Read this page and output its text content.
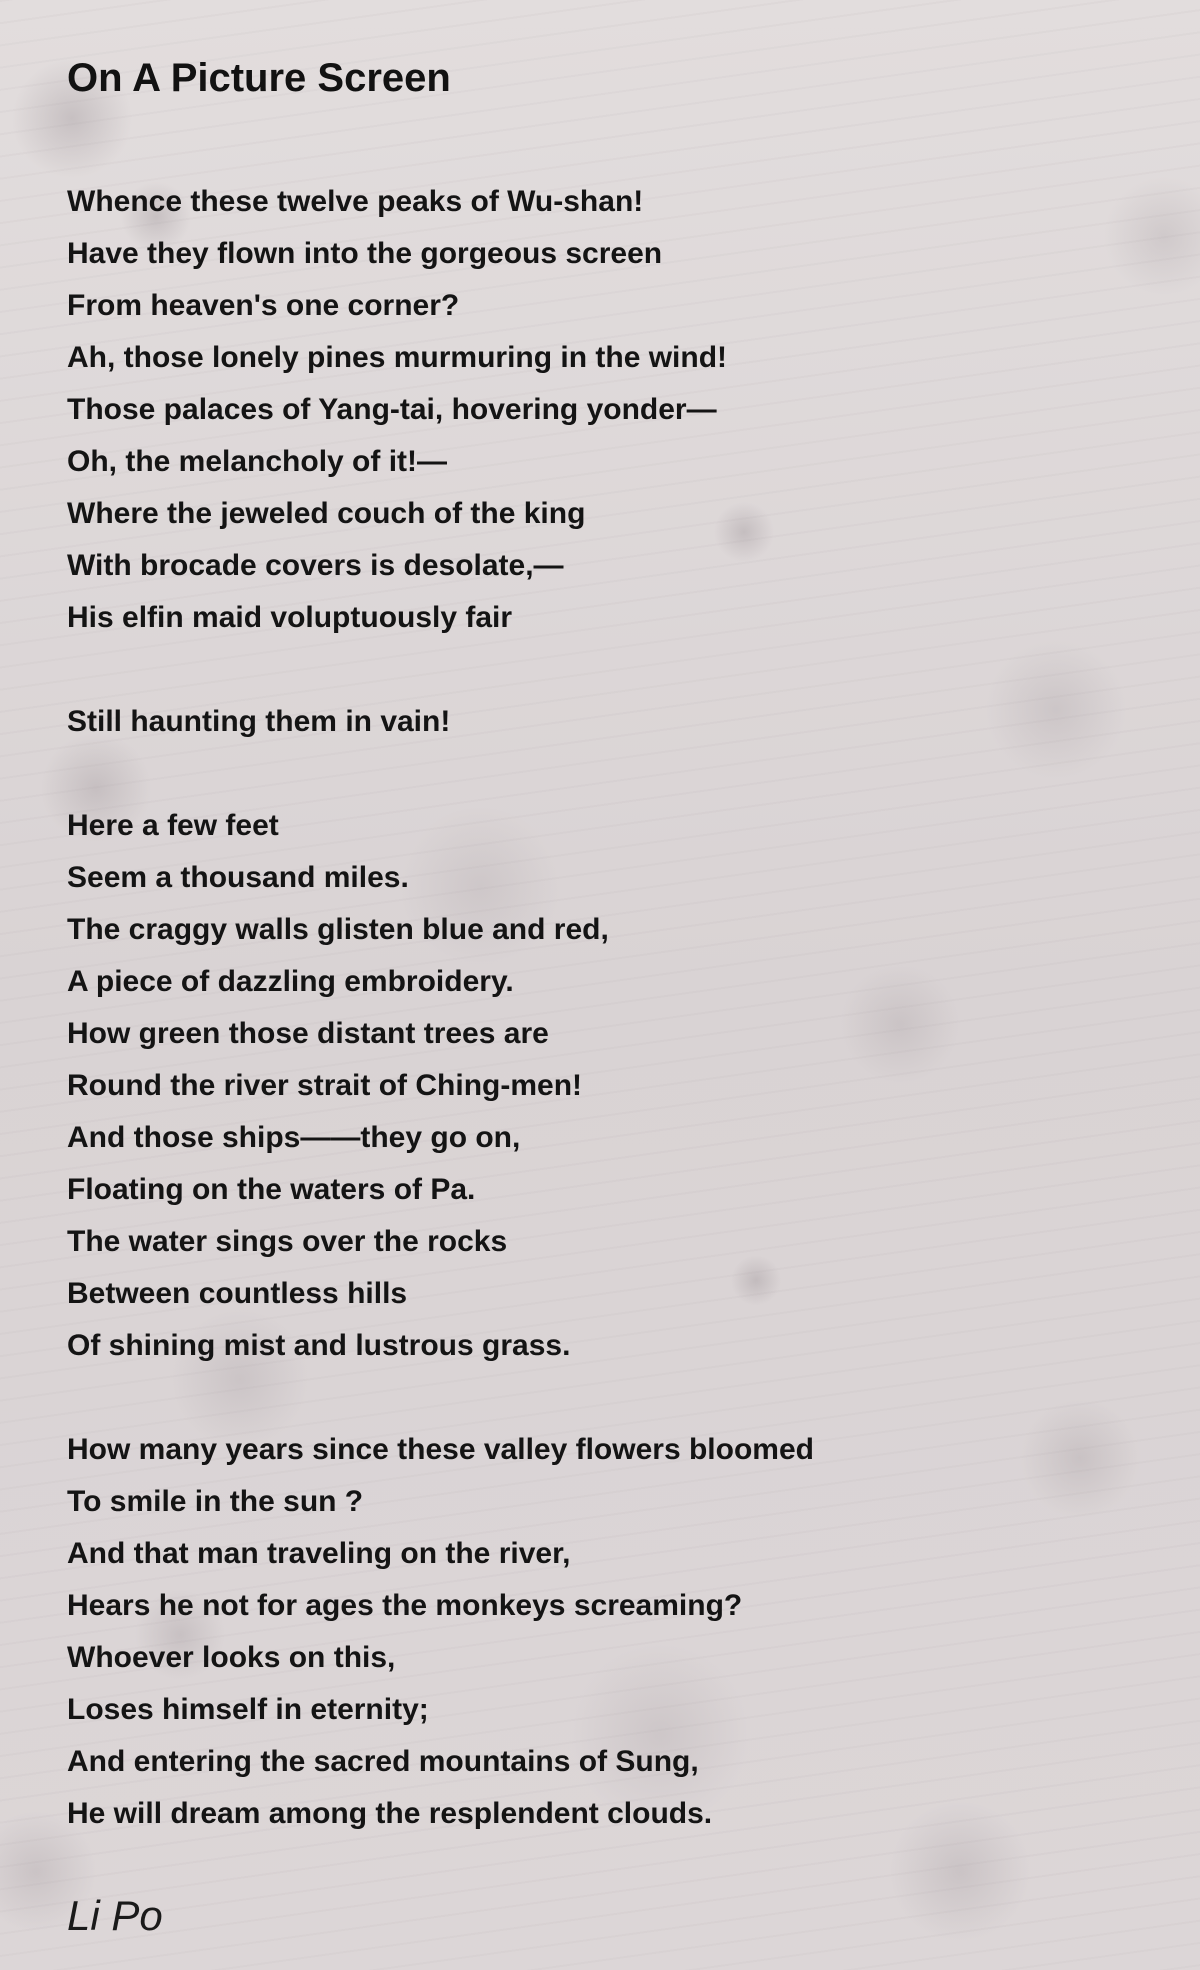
On A Picture Screen
Whence these twelve peaks of Wu-shan!
Have they flown into the gorgeous screen
From heaven's one corner?
Ah, those lonely pines murmuring in the wind!
Those palaces of Yang-tai, hovering yonder—
Oh, the melancholy of it!—
Where the jeweled couch of the king
With brocade covers is desolate,—
His elfin maid voluptuously fair
Still haunting them in vain!
Here a few feet
Seem a thousand miles.
The craggy walls glisten blue and red,
A piece of dazzling embroidery.
How green those distant trees are
Round the river strait of Ching-men!
And those ships——they go on,
Floating on the waters of Pa.
The water sings over the rocks
Between countless hills
Of shining mist and lustrous grass.
How many years since these valley flowers bloomed
To smile in the sun ?
And that man traveling on the river,
Hears he not for ages the monkeys screaming?
Whoever looks on this,
Loses himself in eternity;
And entering the sacred mountains of Sung,
He will dream among the resplendent clouds.
Li Po
